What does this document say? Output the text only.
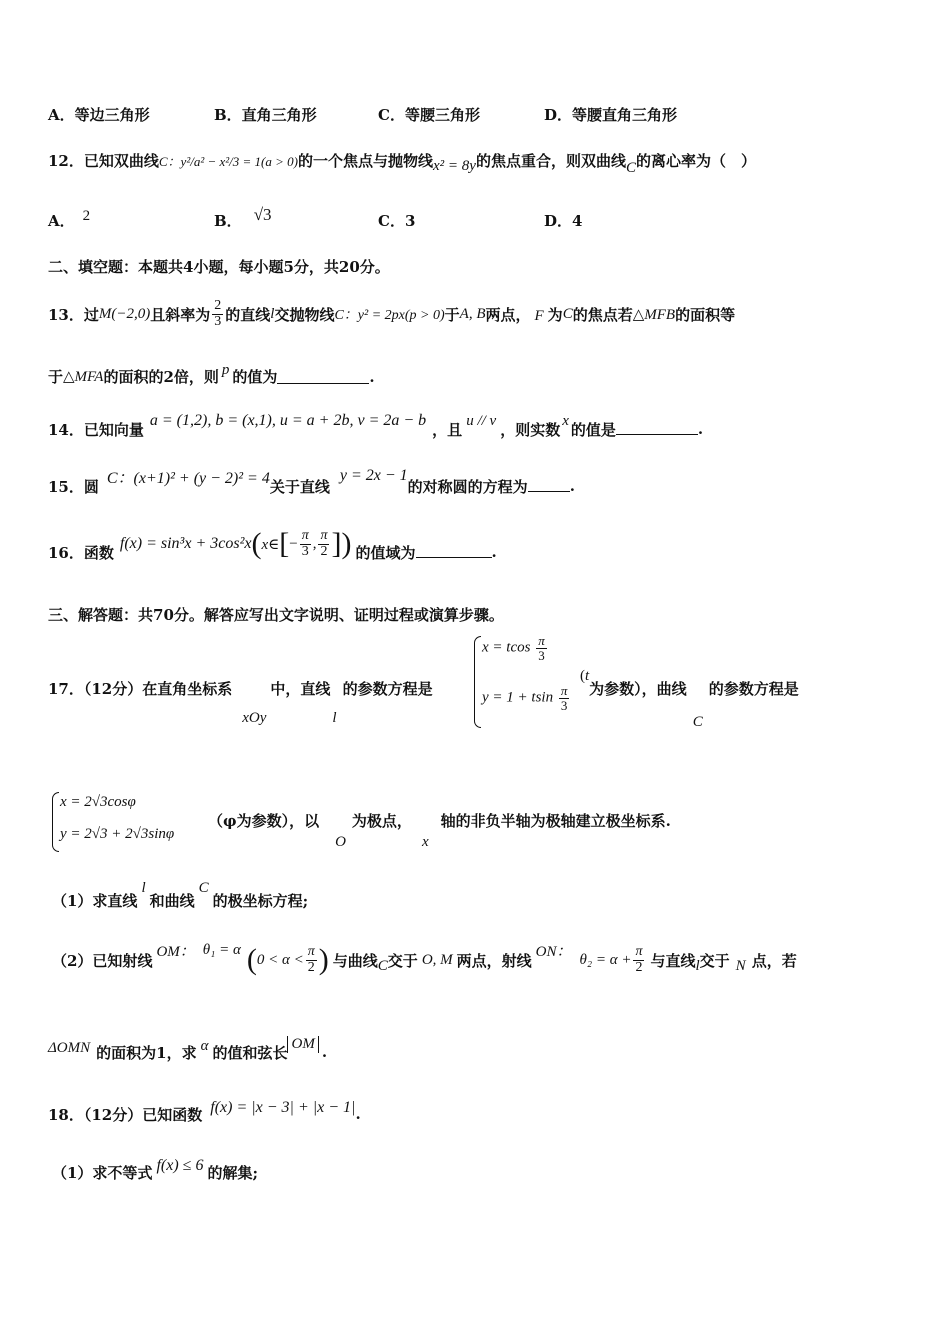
A．等边三角形	B．直角三角形	C．等腰三角形	D．等腰直角三角形
12．已知双曲线 C：y²/a² − x²/3 = 1(a > 0) 的一个焦点与抛物线 x² = 8y 的焦点重合，则双曲线 C 的离心率为（　）
A． 2	B． √3	C．3	D．4
二、填空题：本题共4小题，每小题5分，共20分。
13．过 M(−2,0) 且斜率为 $\frac{2}{3}$ 的直线 l 交抛物线 C：y² = 2px(p > 0) 于 A, B 两点， F 为 C 的焦点若 △MFB 的面积等
于 △MFA 的面积的2倍，则 p 的值为	.
14．已知向量 a = (1,2), b = (x,1), u = a + 2b, v = 2a − b ，且 u // v ，则实数 x 的值是	.
15．圆 C：(x+1)² + (y − 2)² = 4 关于直线
y = 2x − 1
的对称圆的方程为	.
16．函数 f(x) = sin³x + 3cos²x ( x∈ [ − $\frac{\pi}{3}$ , $\frac{\pi}{2}$ ] ) 的值域为	.
三、解答题：共70分。解答应写出文字说明、证明过程或演算步骤。
17．（12分）在直角坐标系
xOy
中，直线
l
的参数方程是
x = tcos $\frac{\pi}{3}$
y = 1 + tsin $\frac{\pi}{3}$
(t为参数），曲线C的参数方程是
x = 2√3cosφ
y = 2√3 + 2√3sinφ
（φ为参数），以O为极点，x轴的非负半轴为极轴建立极坐标系.
（1）求直线
l
和曲线
C
的极坐标方程;
（2）已知射线 OM： θ₁ = α ( $0 < \alpha < \frac{\pi}{2}$ ) 与曲线 C 交于 O, M 两点，射线 ON： $\theta_2 = \alpha + \frac{\pi}{2}$ 与直线 l 交于 N 点，若
ΔOMN 的面积为1，求 α 的值和弦长 OM .
18．（12分）已知函数 f(x) = |x − 3| + |x − 1| .
（1）求不等式 f(x) ≤ 6 的解集;
